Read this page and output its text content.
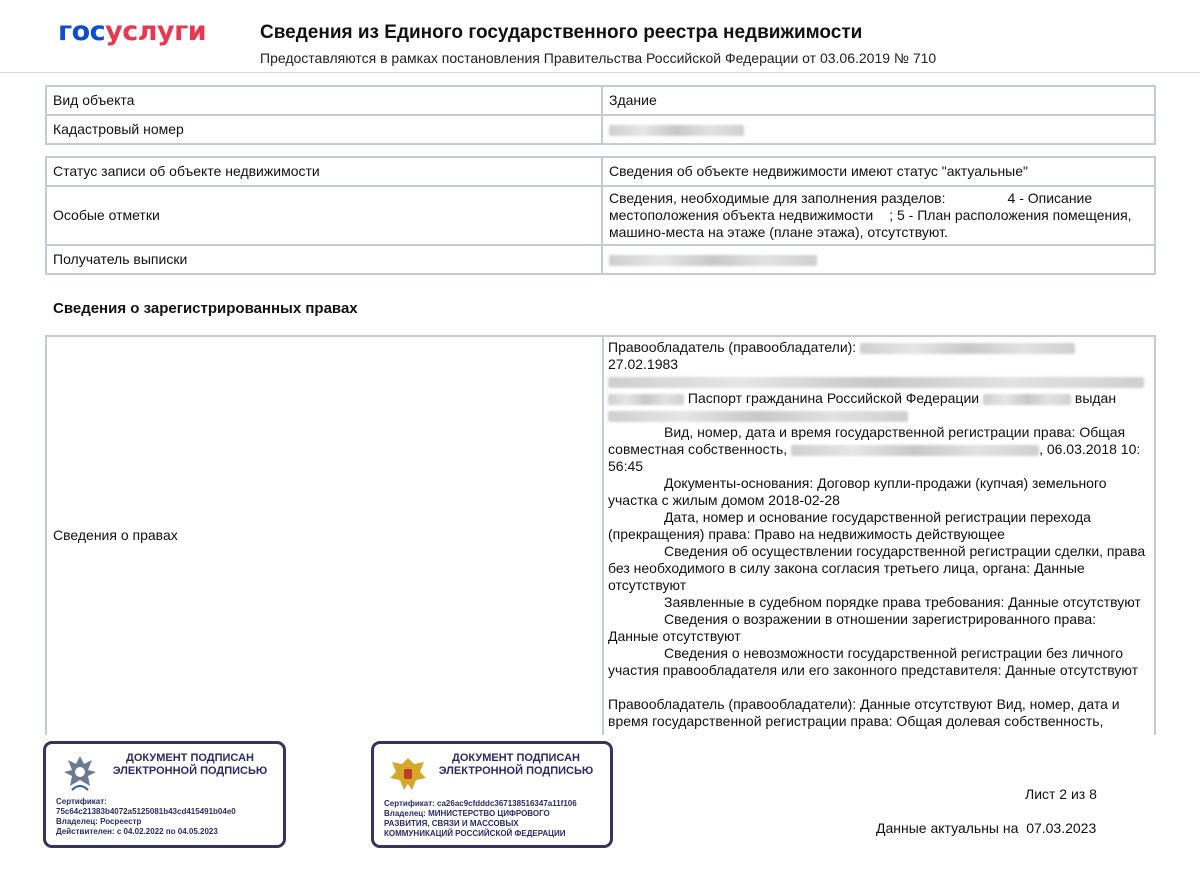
госуслуги	Сведения из Единого государственного реестра недвижимости
Предоставляются в рамках постановления Правительства Российской Федерации от 03.06.2019 № 710
Вид объекта	Здание
Кадастровый номер	
Статус записи об объекте недвижимости	Сведения об объекте недвижимости имеют статус "актуальные"
Особые отметки	Сведения, необходимые для заполнения разделов: 4 - Описание
местоположения объекта недвижимости ; 5 - План расположения помещения,
машино-места на этаже (плане этажа), отсутствуют.

Получатель выписки	
Сведения о зарегистрированных правах
Сведения о правах

Правообладатель (правообладатели):

27.02.1983

Паспорт гражданина Российской Федерации	выдан

Вид, номер, дата и время государственной регистрации права: Общая

совместная собственность,	, 06.03.2018 10:

56:45

Документы-основания: Договор купли-продажи (купчая) земельного

участка с жилым домом 2018-02-28

Дата, номер и основание государственной регистрации перехода

(прекращения) права: Право на недвижимость действующее

Сведения об осуществлении государственной регистрации сделки, права

без необходимого в силу закона согласия третьего лица, органа: Данные

отсутствуют

Заявленные в судебном порядке права требования: Данные отсутствуют

Сведения о возражении в отношении зарегистрированного права:

Данные отсутствуют

Сведения о невозможности государственной регистрации без личного

участия правообладателя или его законного представителя: Данные отсутствуют

Правообладатель (правообладатели): Данные отсутствуют Вид, номер, дата и

время государственной регистрации права: Общая долевая собственность,

ДОКУМЕНТ ПОДПИСАН ЭЛЕКТРОННОЙ ПОДПИСЬЮ
Сертификат:
75c64c21383b4072a5125081b43cd415491b04e0
Владелец: Росреестр
Действителен: с 04.02.2022 по 04.05.2023
ДОКУМЕНТ ПОДПИСАН ЭЛЕКТРОННОЙ ПОДПИСЬЮ
Сертификат: ca26ac9cfdddc367138516347a11f106
Владелец: МИНИСТЕРСТВО ЦИФРОВОГО
РАЗВИТИЯ, СВЯЗИ И МАССОВЫХ
КОММУНИКАЦИЙ РОССИЙСКОЙ ФЕДЕРАЦИИ
Лист 2 из 8
Данные актуальны на 07.03.2023
